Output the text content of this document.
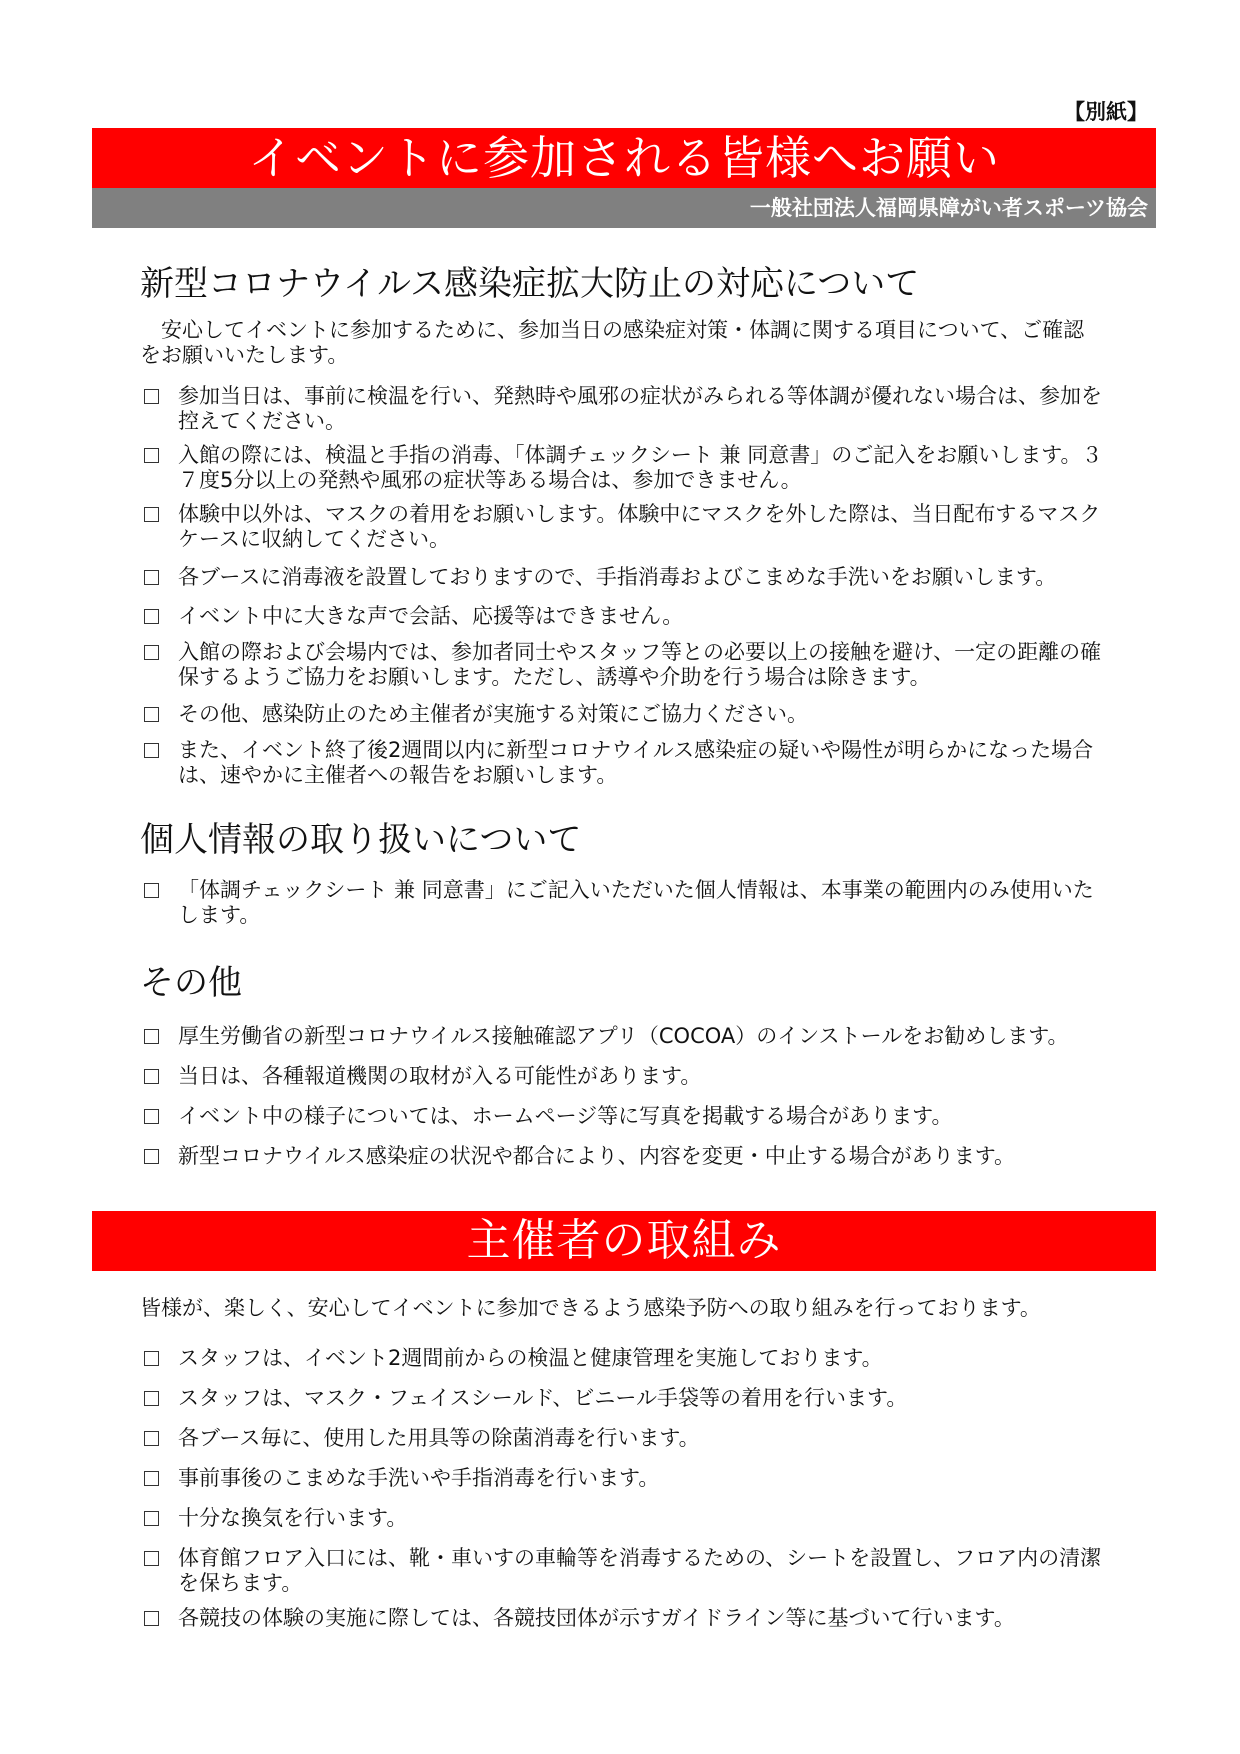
【別紙】
イベントに参加される皆様へお願い
一般社団法人福岡県障がい者スポーツ協会
新型コロナウイルス感染症拡大防止の対応について
　安心してイベントに参加するために、参加当日の感染症対策・体調に関する項目について、ご確認をお願いいたします。
参加当日は、事前に検温を行い、発熱時や風邪の症状がみられる等体調が優れない場合は、参加を控えてください。
入館の際には、検温と手指の消毒、「体調チェックシート 兼 同意書」のご記入をお願いします。３７度5分以上の発熱や風邪の症状等ある場合は、参加できません。
体験中以外は、マスクの着用をお願いします。体験中にマスクを外した際は、当日配布するマスクケースに収納してください。
各ブースに消毒液を設置しておりますので、手指消毒およびこまめな手洗いをお願いします。
イベント中に大きな声で会話、応援等はできません。
入館の際および会場内では、参加者同士やスタッフ等との必要以上の接触を避け、一定の距離の確保するようご協力をお願いします。ただし、誘導や介助を行う場合は除きます。
その他、感染防止のため主催者が実施する対策にご協力ください。
また、イベント終了後2週間以内に新型コロナウイルス感染症の疑いや陽性が明らかになった場合は、速やかに主催者への報告をお願いします。
個人情報の取り扱いについて
「体調チェックシート 兼 同意書」にご記入いただいた個人情報は、本事業の範囲内のみ使用いたします。
その他
厚生労働省の新型コロナウイルス接触確認アプリ（COCOA）のインストールをお勧めします。
当日は、各種報道機関の取材が入る可能性があります。
イベント中の様子については、ホームページ等に写真を掲載する場合があります。
新型コロナウイルス感染症の状況や都合により、内容を変更・中止する場合があります。
主催者の取組み
皆様が、楽しく、安心してイベントに参加できるよう感染予防への取り組みを行っております。
スタッフは、イベント2週間前からの検温と健康管理を実施しております。
スタッフは、マスク・フェイスシールド、ビニール手袋等の着用を行います。
各ブース毎に、使用した用具等の除菌消毒を行います。
事前事後のこまめな手洗いや手指消毒を行います。
十分な換気を行います。
体育館フロア入口には、靴・車いすの車輪等を消毒するための、シートを設置し、フロア内の清潔を保ちます。
各競技の体験の実施に際しては、各競技団体が示すガイドライン等に基づいて行います。
